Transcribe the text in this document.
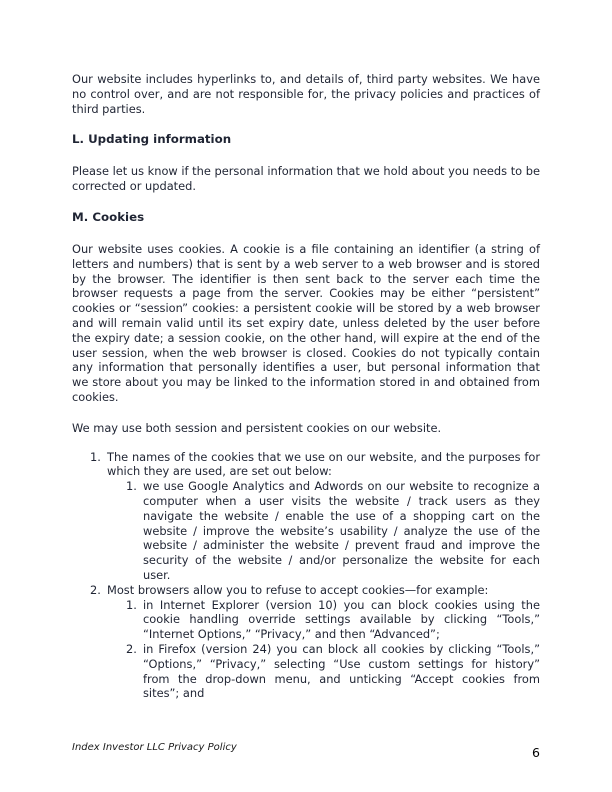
Our website includes hyperlinks to, and details of, third party websites. We have no control over, and are not responsible for, the privacy policies and practices of third parties.

L. Updating information

Please let us know if the personal information that we hold about you needs to be corrected or updated.

M. Cookies

Our website uses cookies. A cookie is a file containing an identifier (a string of letters and numbers) that is sent by a web server to a web browser and is stored by the browser. The identifier is then sent back to the server each time the browser requests a page from the server. Cookies may be either “persistent” cookies or “session” cookies: a persistent cookie will be stored by a web browser and will remain valid until its set expiry date, unless deleted by the user before the expiry date; a session cookie, on the other hand, will expire at the end of the user session, when the web browser is closed. Cookies do not typically contain any information that personally identifies a user, but personal information that we store about you may be linked to the information stored in and obtained from cookies.

We may use both session and persistent cookies on our website.

1. The names of the cookies that we use on our website, and the purposes for which they are used, are set out below:

1. we use Google Analytics and Adwords on our website to recognize a computer when a user visits the website / track users as they navigate the website / enable the use of a shopping cart on the website / improve the website’s usability / analyze the use of the website / administer the website / prevent fraud and improve the security of the website / and/or personalize the website for each user.

2. Most browsers allow you to refuse to accept cookies—for example:

1. in Internet Explorer (version 10) you can block cookies using the cookie handling override settings available by clicking “Tools,” “Internet Options,” “Privacy,” and then “Advanced”;

2. in Firefox (version 24) you can block all cookies by clicking “Tools,” “Options,” “Privacy,” selecting “Use custom settings for history” from the drop-down menu, and unticking “Accept cookies from sites”; and

Index Investor LLC Privacy Policy	6
